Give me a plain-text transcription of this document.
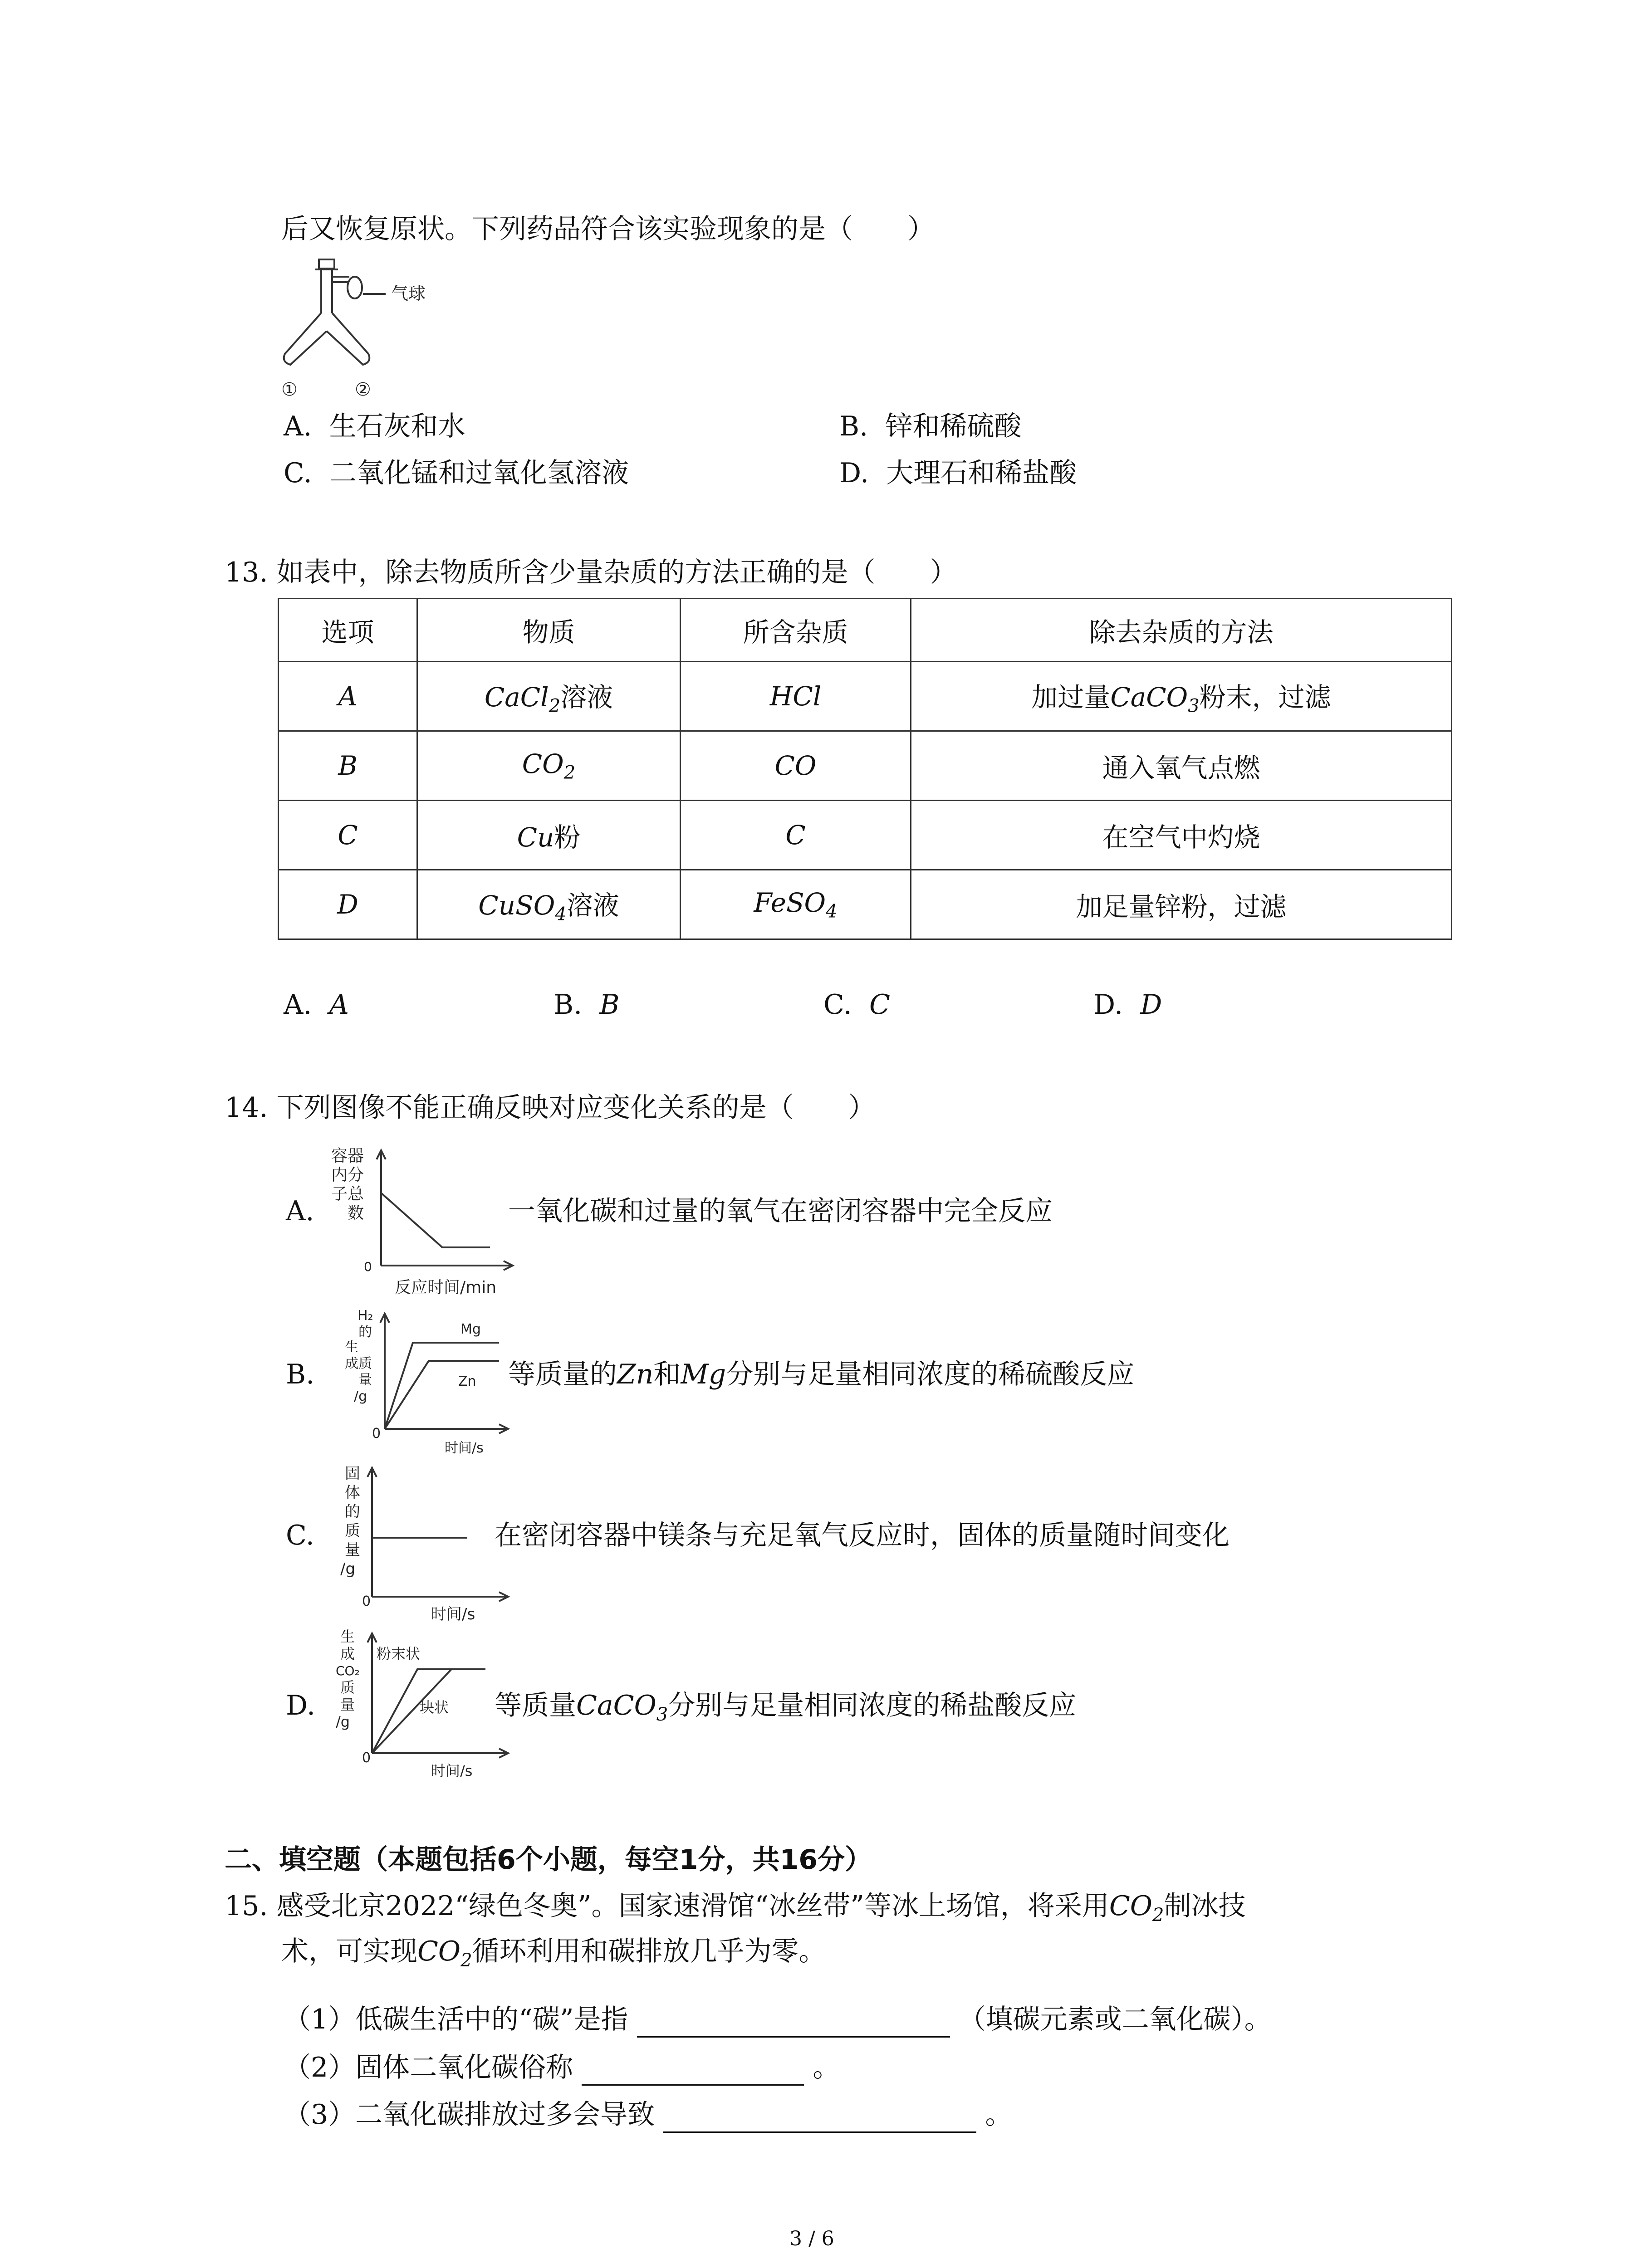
后又恢复原状。下列药品符合该实验现象的是（　　）
气球
①	②
A. 生石灰和水	B. 锌和稀硫酸
C. 二氧化锰和过氧化氢溶液	D. 大理石和稀盐酸
13. 如表中，除去物质所含少量杂质的方法正确的是（　　）
选项	物质	所含杂质	除去杂质的方法
A	CaCl$_2$溶液	HCl	加过量CaCO$_3$粉末，过滤
B	$CO_2$	CO	通入氧气点燃
C	Cu粉	C	在空气中灼烧
D	CuSO$_4$溶液	FeSO$_4$	加足量锌粉，过滤
A. A	B. B	C. C	D. D
14. 下列图像不能正确反映对应变化关系的是（　　）
A.
容器
内分
子总
数
0
反应时间/min
一氧化碳和过量的氧气在密闭容器中完全反应
B.
H₂
的
生
成 质
量
/g
0
时间/s
Mg
Zn 等质量的Zn和Mg分别与足量相同浓度的稀硫酸反应
C.
固
体
的
质
量
/g
0
时间/s
在密闭容器中镁条与充足氧气反应时，固体的质量随时间变化
D.
生
成
CO₂
质
量
/g
0
时间/s
粉末状
块状 等质量CaCO$_3$分别与足量相同浓度的稀盐酸反应
二、填空题（本题包括6个小题，每空1分，共16分）
15. 感受北京2022“绿色冬奥”。国家速滑馆“冰丝带”等冰上场馆，将采用$CO_2$制冰技
术，可实现$CO_2$循环利用和碳排放几乎为零。
（1）低碳生活中的“碳”是指	（填碳元素或二氧化碳）。
（2）固体二氧化碳俗称	。
（3）二氧化碳排放过多会导致	。
3 / 6
